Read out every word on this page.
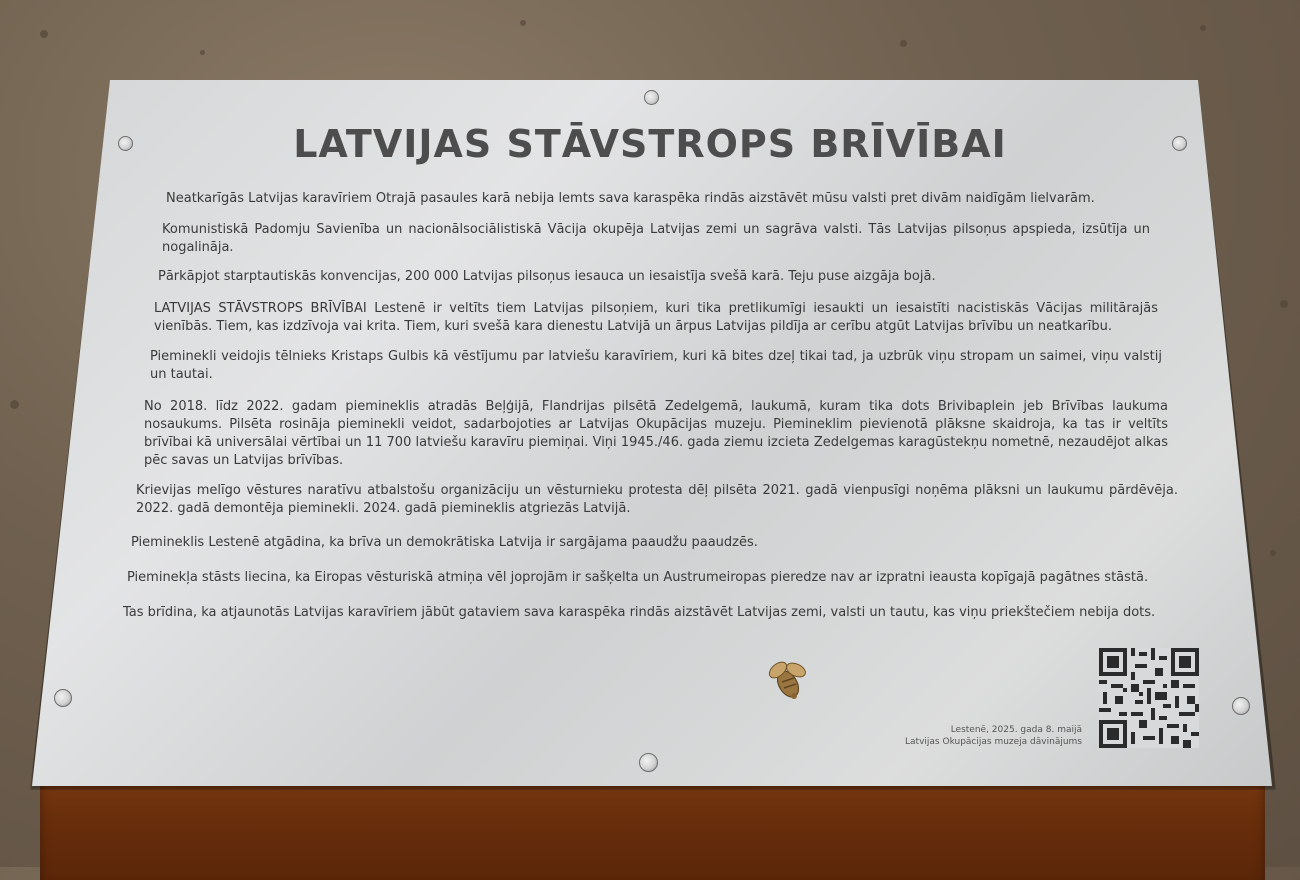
LATVIJAS STĀVSTROPS BRĪVĪBAI

Neatkarīgās Latvijas karavīriem Otrajā pasaules karā nebija lemts sava karaspēka rindās aizstāvēt mūsu valsti pret divām naidīgām lielvarām.

Komunistiskā Padomju Savienība un nacionālsociālistiskā Vācija okupēja Latvijas zemi un sagrāva valsti. Tās Latvijas pilsoņus apspieda, izsūtīja un nogalināja.

Pārkāpjot starptautiskās konvencijas, 200 000 Latvijas pilsoņus iesauca un iesaistīja svešā karā. Teju puse aizgāja bojā.

LATVIJAS STĀVSTROPS BRĪVĪBAI Lestenē ir veltīts tiem Latvijas pilsoņiem, kuri tika pretlikumīgi iesaukti un iesaistīti nacistiskās Vācijas militārajās vienībās. Tiem, kas izdzīvoja vai krita. Tiem, kuri svešā kara dienestu Latvijā un ārpus Latvijas pildīja ar cerību atgūt Latvijas brīvību un neatkarību.

Pieminekli veidojis tēlnieks Kristaps Gulbis kā vēstījumu par latviešu karavīriem, kuri kā bites dzeļ tikai tad, ja uzbrūk viņu stropam un saimei, viņu valstij un tautai.

No 2018. līdz 2022. gadam piemineklis atradās Beļģijā, Flandrijas pilsētā Zedelgemā, laukumā, kuram tika dots Brivibaplein jeb Brīvības laukuma nosaukums. Pilsēta rosināja pieminekli veidot, sadarbojoties ar Latvijas Okupācijas muzeju. Piemineklim pievienotā plāksne skaidroja, ka tas ir veltīts brīvībai kā universālai vērtībai un 11 700 latviešu karavīru piemiņai. Viņi 1945./46. gada ziemu izcieta Zedelgemas karagūstekņu nometnē, nezaudējot alkas pēc savas un Latvijas brīvības.

Krievijas melīgo vēstures naratīvu atbalstošu organizāciju un vēsturnieku protesta dēļ pilsēta 2021. gadā vienpusīgi noņēma plāksni un laukumu pārdēvēja. 2022. gadā demontēja pieminekli. 2024. gadā piemineklis atgriezās Latvijā.

Piemineklis Lestenē atgādina, ka brīva un demokrātiska Latvija ir sargājama paaudžu paaudzēs.

Pieminekļa stāsts liecina, ka Eiropas vēsturiskā atmiņa vēl joprojām ir sašķelta un Austrumeiropas pieredze nav ar izpratni ieausta kopīgajā pagātnes stāstā.

Tas brīdina, ka atjaunotās Latvijas karavīriem jābūt gataviem sava karaspēka rindās aizstāvēt Latvijas zemi, valsti un tautu, kas viņu priekštečiem nebija dots.

Lestenē, 2025. gada 8. maijā
Latvijas Okupācijas muzeja dāvinājums
